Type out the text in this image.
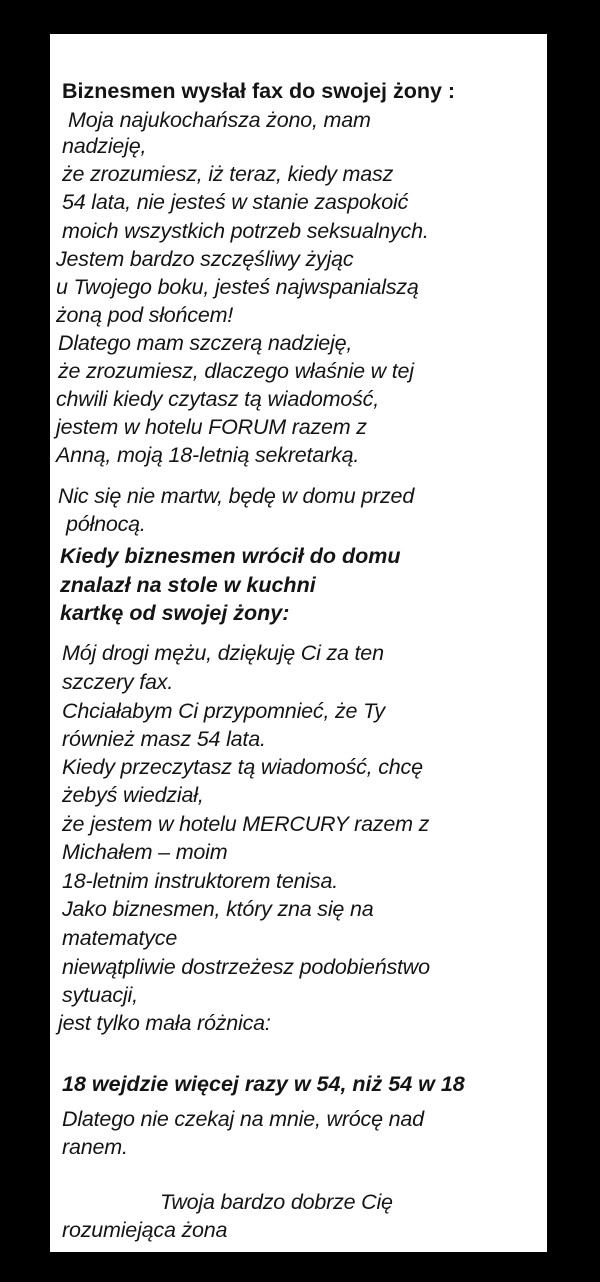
Biznesmen wysłał fax do swojej żony :
Moja najukochańsza żono, mam
nadzieję,
że zrozumiesz, iż teraz, kiedy masz
54 lata, nie jesteś w stanie zaspokoić
moich wszystkich potrzeb seksualnych.
Jestem bardzo szczęśliwy żyjąc
u Twojego boku, jesteś najwspanialszą
żoną pod słońcem!
Dlatego mam szczerą nadzieję,
że zrozumiesz, dlaczego właśnie w tej
chwili kiedy czytasz tą wiadomość,
jestem w hotelu FORUM razem z
Anną, moją 18-letnią sekretarką.
Nic się nie martw, będę w domu przed
północą.
Kiedy biznesmen wrócił do domu
znalazł na stole w kuchni
kartkę od swojej żony:
Mój drogi mężu, dziękuję Ci za ten
szczery fax.
Chciałabym Ci przypomnieć, że Ty
również masz 54 lata.
Kiedy przeczytasz tą wiadomość, chcę
żebyś wiedział,
że jestem w hotelu MERCURY razem z
Michałem – moim
18-letnim instruktorem tenisa.
Jako biznesmen, który zna się na
matematyce
niewątpliwie dostrzeżesz podobieństwo
sytuacji,
jest tylko mała różnica:
18 wejdzie więcej razy w 54, niż 54 w 18
Dlatego nie czekaj na mnie, wrócę nad
ranem.
Twoja bardzo dobrze Cię
rozumiejąca żona
